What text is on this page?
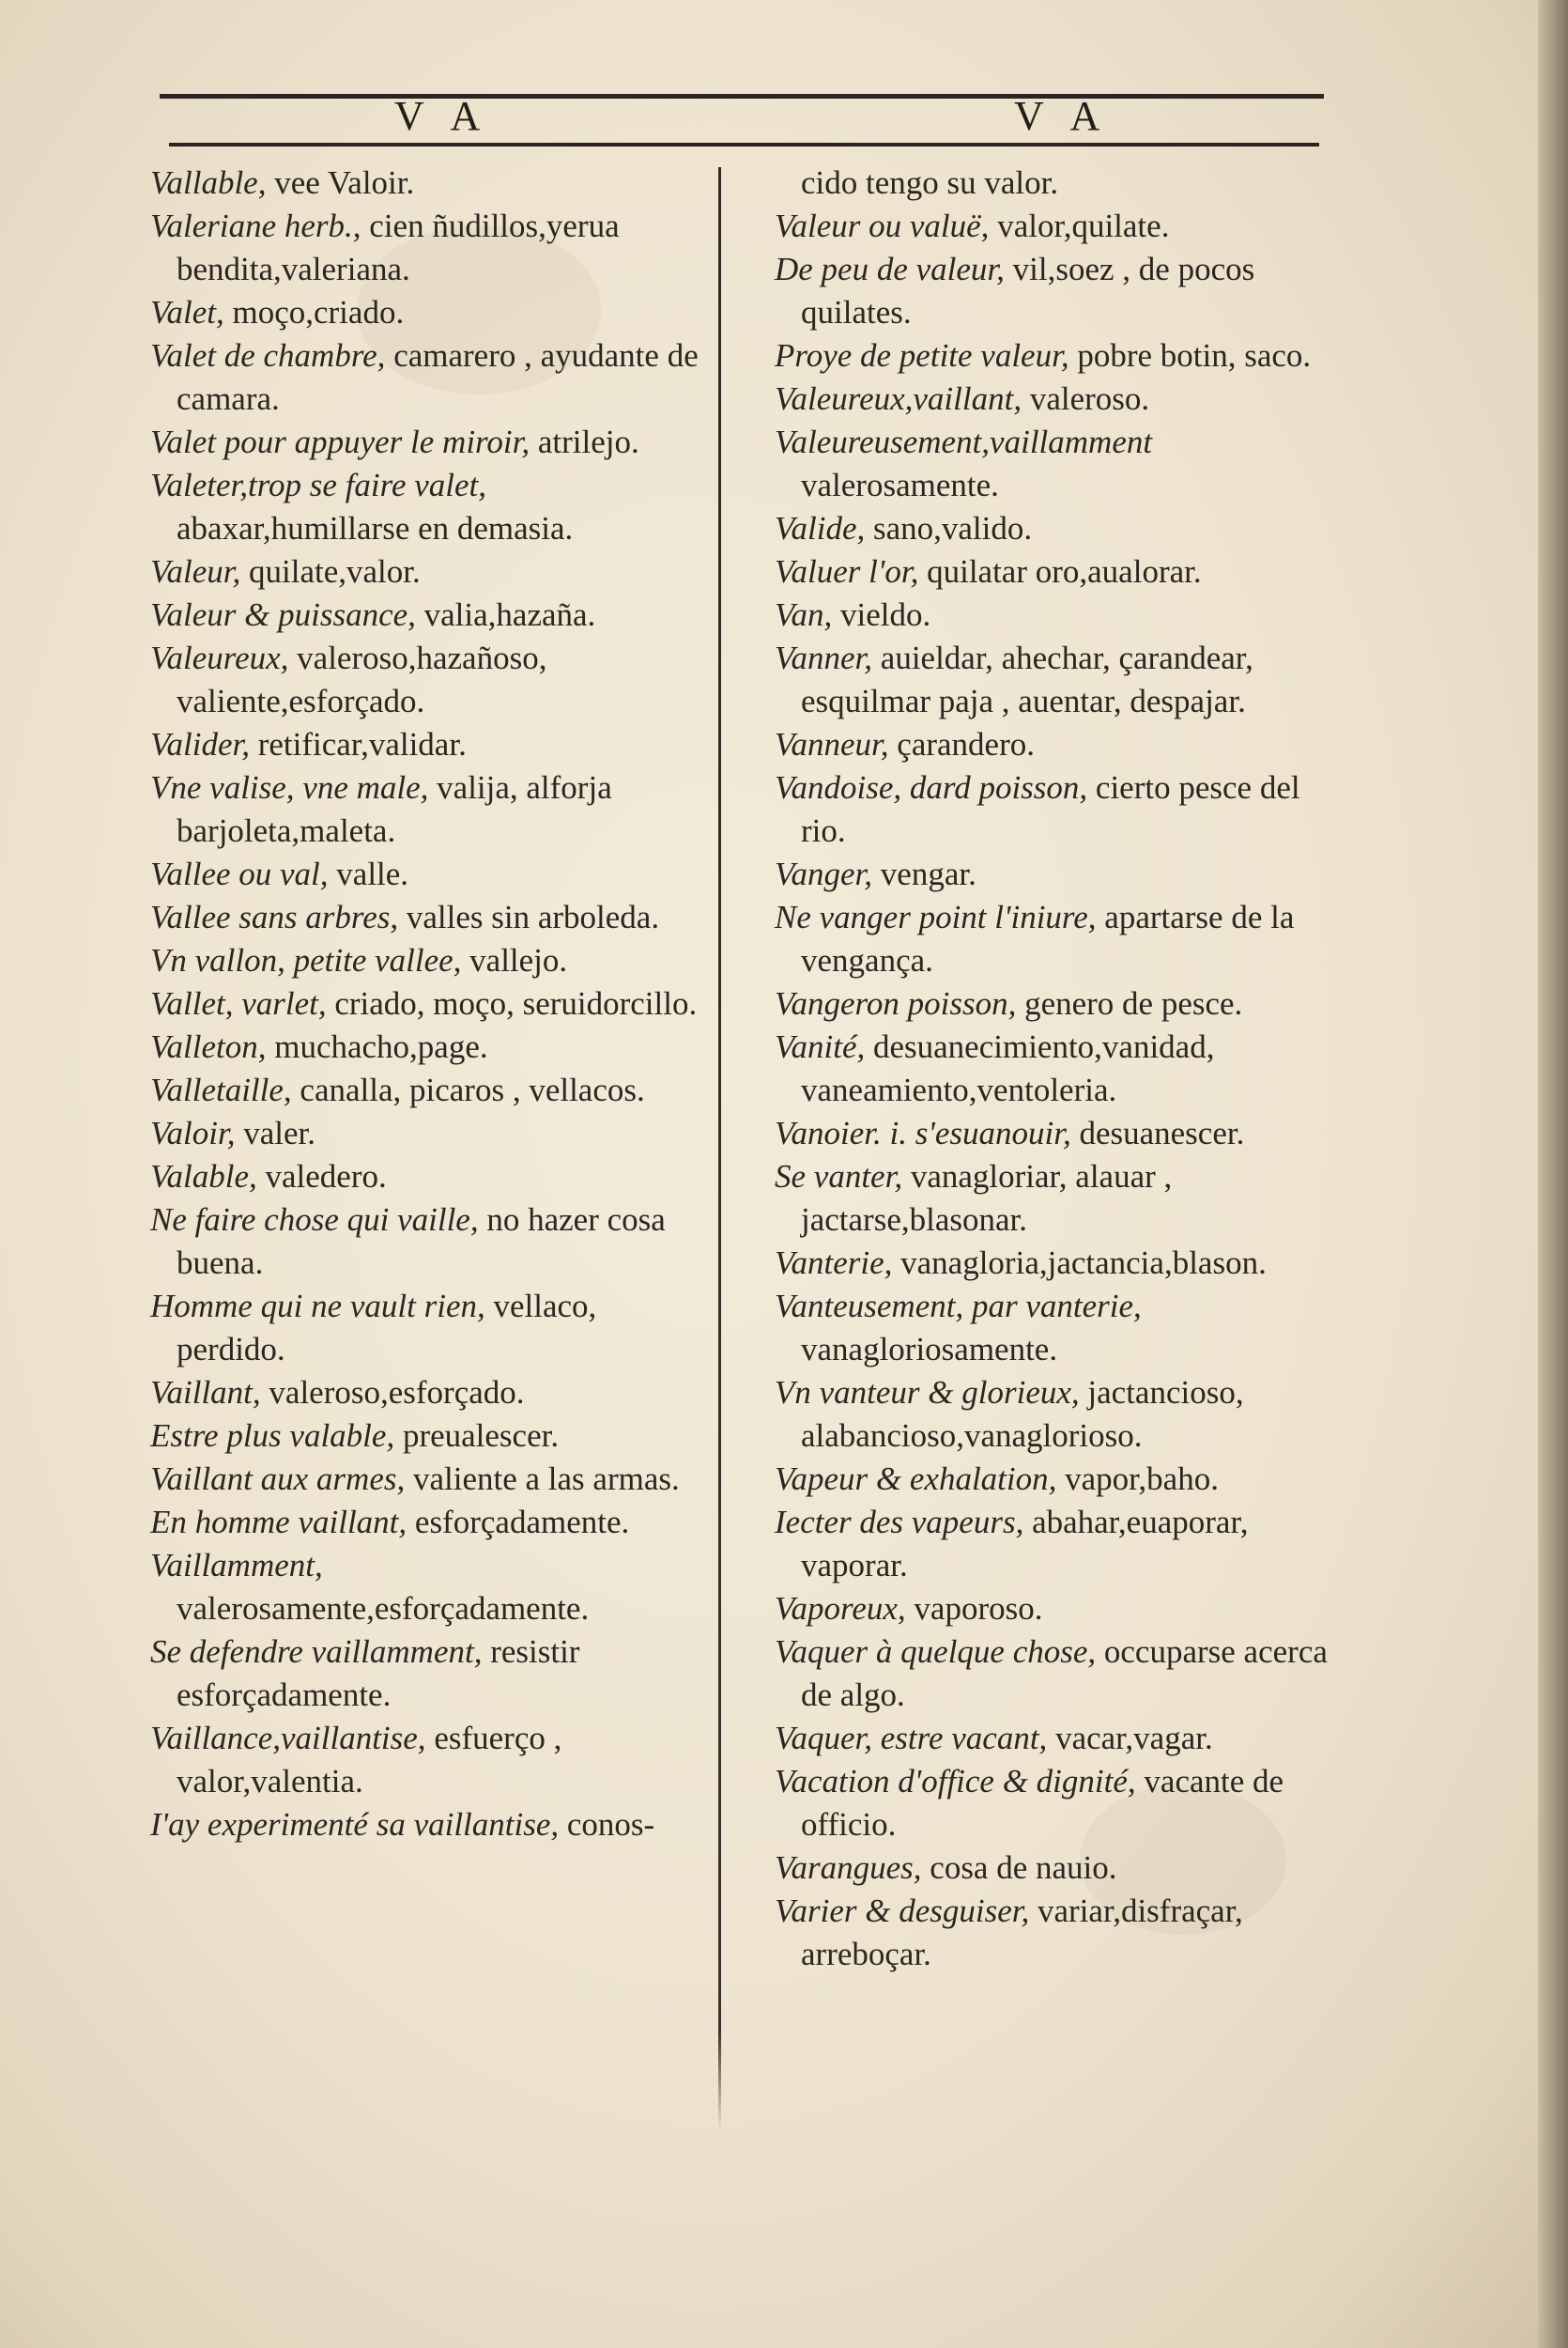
V A	V A
Vallable, vee Valoir.
Valeriane herb., cien ñudillos,yerua bendita,valeriana.
Valet, moço,criado.
Valet de chambre, camarero , ayudante de camara.
Valet pour appuyer le miroir, atrilejo.
Valeter,trop se faire valet, abaxar,humillarse en demasia.
Valeur, quilate,valor.
Valeur & puissance, valia,hazaña.
Valeureux, valeroso,hazañoso, valiente,esforçado.
Valider, retificar,validar.
Vne valise, vne male, valija, alforja barjoleta,maleta.
Vallee ou val, valle.
Vallee sans arbres, valles sin arboleda.
Vn vallon, petite vallee, vallejo.
Vallet, varlet, criado, moço, seruidorcillo.
Valleton, muchacho,page.
Valletaille, canalla, picaros , vellacos.
Valoir, valer.
Valable, valedero.
Ne faire chose qui vaille, no hazer cosa buena.
Homme qui ne vault rien, vellaco, perdido.
Vaillant, valeroso,esforçado.
Estre plus valable, preualescer.
Vaillant aux armes, valiente a las armas.
En homme vaillant, esforçadamente.
Vaillamment, valerosamente,esforçadamente.
Se defendre vaillamment, resistir esforçadamente.
Vaillance,vaillantise, esfuerço , valor,valentia.
I'ay experimenté sa vaillantise, conos-
cido tengo su valor.
Valeur ou valuë, valor,quilate.
De peu de valeur, vil,soez , de pocos quilates.
Proye de petite valeur, pobre botin, saco.
Valeureux,vaillant, valeroso.
Valeureusement,vaillamment valerosamente.
Valide, sano,valido.
Valuer l'or, quilatar oro,aualorar.
Van, vieldo.
Vanner, auieldar, ahechar, çarandear, esquilmar paja , auentar, despajar.
Vanneur, çarandero.
Vandoise, dard poisson, cierto pesce del rio.
Vanger, vengar.
Ne vanger point l'iniure, apartarse de la vengança.
Vangeron poisson, genero de pesce.
Vanité, desuanecimiento,vanidad, vaneamiento,ventoleria.
Vanoier. i. s'esuanouir, desuanescer.
Se vanter, vanagloriar, alauar , jactarse,blasonar.
Vanterie, vanagloria,jactancia,blason.
Vanteusement, par vanterie, vanagloriosamente.
Vn vanteur & glorieux, jactancioso, alabancioso,vanaglorioso.
Vapeur & exhalation, vapor,baho.
Iecter des vapeurs, abahar,euaporar, vaporar.
Vaporeux, vaporoso.
Vaquer à quelque chose, occuparse acerca de algo.
Vaquer, estre vacant, vacar,vagar.
Vacation d'office & dignité, vacante de officio.
Varangues, cosa de nauio.
Varier & desguiser, variar,disfraçar, arreboçar.
